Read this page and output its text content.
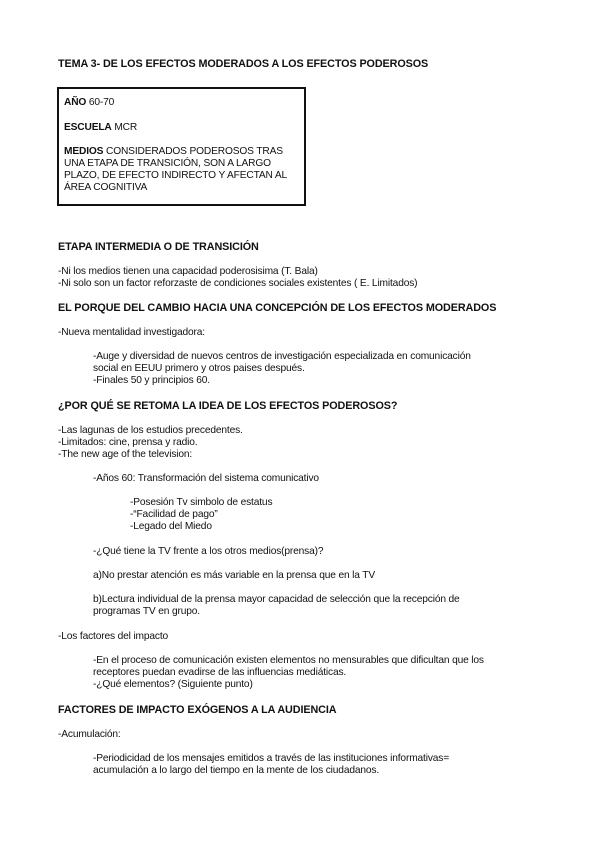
TEMA 3- DE LOS EFECTOS MODERADOS A LOS EFECTOS PODEROSOS
AÑO 60-70
ESCUELA MCR
MEDIOS CONSIDERADOS PODEROSOS TRAS
UNA ETAPA DE TRANSICIÓN, SON A LARGO
PLAZO, DE EFECTO INDIRECTO Y AFECTAN AL
ÁREA COGNITIVA
ETAPA INTERMEDIA O DE TRANSICIÓN
-Ni los medios tienen una capacidad poderosisima (T. Bala)
-Ni solo son un factor reforzaste de condiciones sociales existentes ( E. Limitados)
EL PORQUE DEL CAMBIO HACIA UNA CONCEPCIÓN DE LOS EFECTOS MODERADOS
-Nueva mentalidad investigadora:
-Auge y diversidad de nuevos centros de investigación especializada en comunicación
social en EEUU primero y otros paises después.
-Finales 50 y principios 60.
¿POR QUÉ SE RETOMA LA IDEA DE LOS EFECTOS PODEROSOS?
-Las lagunas de los estudios precedentes.
-Limitados: cine, prensa y radio.
-The new age of the television:
-Años 60: Transformación del sistema comunicativo
-Posesión Tv simbolo de estatus
-“Facilidad de pago”
-Legado del Miedo
-¿Qué tiene la TV frente a los otros medios(prensa)?
a)No prestar atención es más variable en la prensa que en la TV
b)Lectura individual de la prensa mayor capacidad de selección que la recepción de
programas TV en grupo.
-Los factores del impacto
-En el proceso de comunicación existen elementos no mensurables que dificultan que los
receptores puedan evadirse de las influencias mediáticas.
-¿Qué elementos? (Siguiente punto)
FACTORES DE IMPACTO EXÓGENOS A LA AUDIENCIA
-Acumulación:
-Periodicidad de los mensajes emitidos a través de las instituciones informativas=
acumulación a lo largo del tiempo en la mente de los ciudadanos.
